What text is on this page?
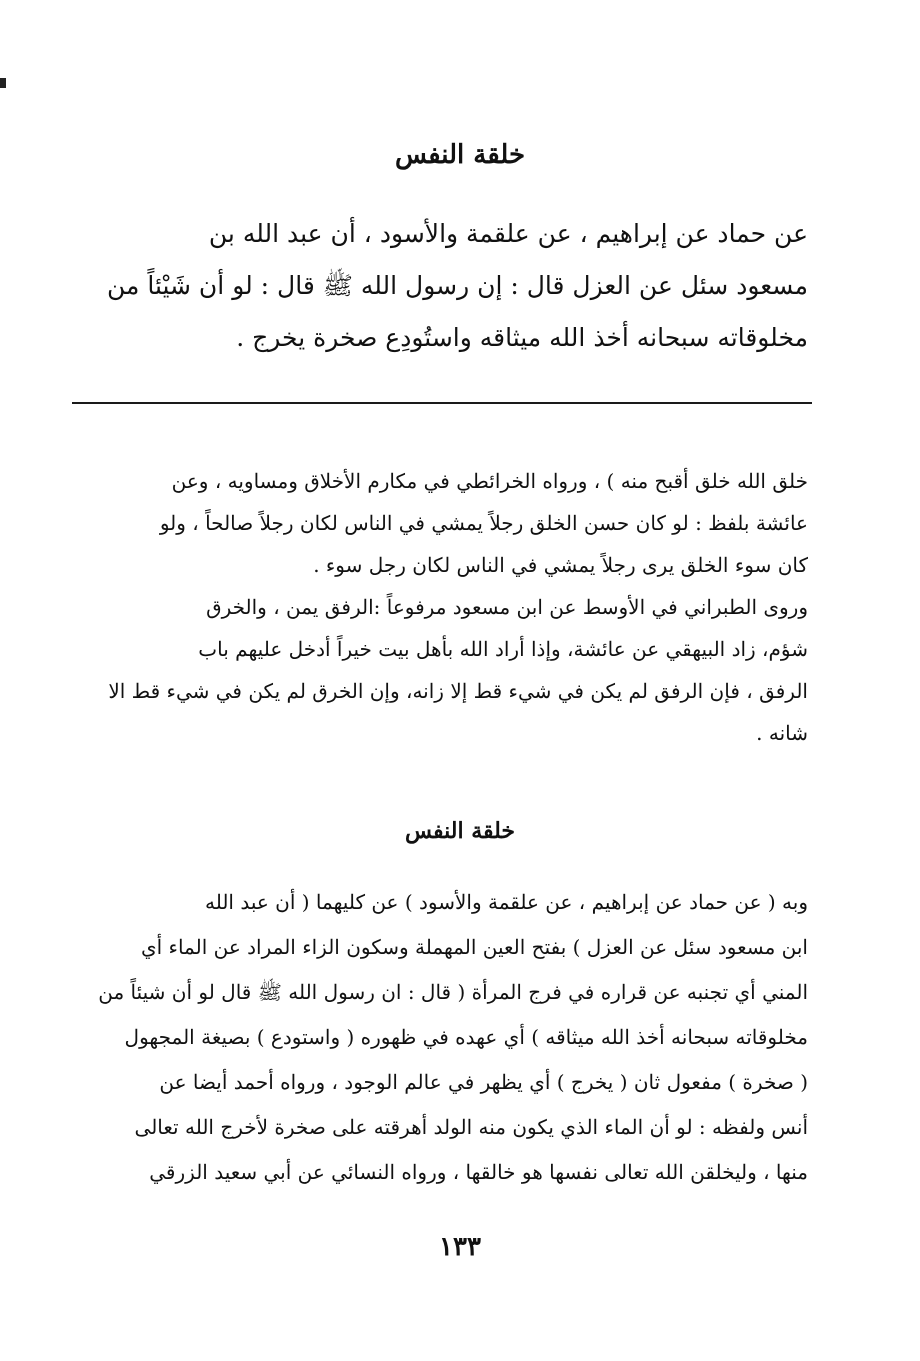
خلقة النفس
عن حماد عن إبراهيم ، عن علقمة والأسود ، أن عبد الله بن
مسعود سئل عن العزل قال : إن رسول الله ﷺ قال : لو أن شَيْئاً من
مخلوقاته سبحانه أخذ الله ميثاقه واستُودِع صخرة يخرج .
خلق الله خلق أقبح منه ) ، ورواه الخرائطي في مكارم الأخلاق ومساويه ، وعن
عائشة بلفظ : لو كان حسن الخلق رجلاً يمشي في الناس لكان رجلاً صالحاً ، ولو
كان سوء الخلق يرى رجلاً يمشي في الناس لكان رجل سوء .
وروى الطبراني في الأوسط عن ابن مسعود مرفوعاً :الرفق يمن ، والخرق
شؤم، زاد البيهقي عن عائشة، وإذا أراد الله بأهل بيت خيراً أدخل عليهم باب
الرفق ، فإن الرفق لم يكن في شيء قط إلا زانه، وإن الخرق لم يكن في شيء قط الا
شانه .
خلقة النفس
وبه ( عن حماد عن إبراهيم ، عن علقمة والأسود ) عن كليهما ( أن عبد الله
ابن مسعود سئل عن العزل ) بفتح العين المهملة وسكون الزاء المراد عن الماء أي
المني أي تجنبه عن قراره في فرج المرأة ( قال : ان رسول الله ﷺ قال لو أن شيئاً من
مخلوقاته سبحانه أخذ الله ميثاقه ) أي عهده في ظهوره ( واستودع ) بصيغة المجهول
( صخرة ) مفعول ثان ( يخرج ) أي يظهر في عالم الوجود ، ورواه أحمد أيضا عن
أنس ولفظه : لو أن الماء الذي يكون منه الولد أهرقته على صخرة لأخرج الله تعالى
منها ، وليخلقن الله تعالى نفسها هو خالقها ، ورواه النسائي عن أبي سعيد الزرقي
١٣٣
